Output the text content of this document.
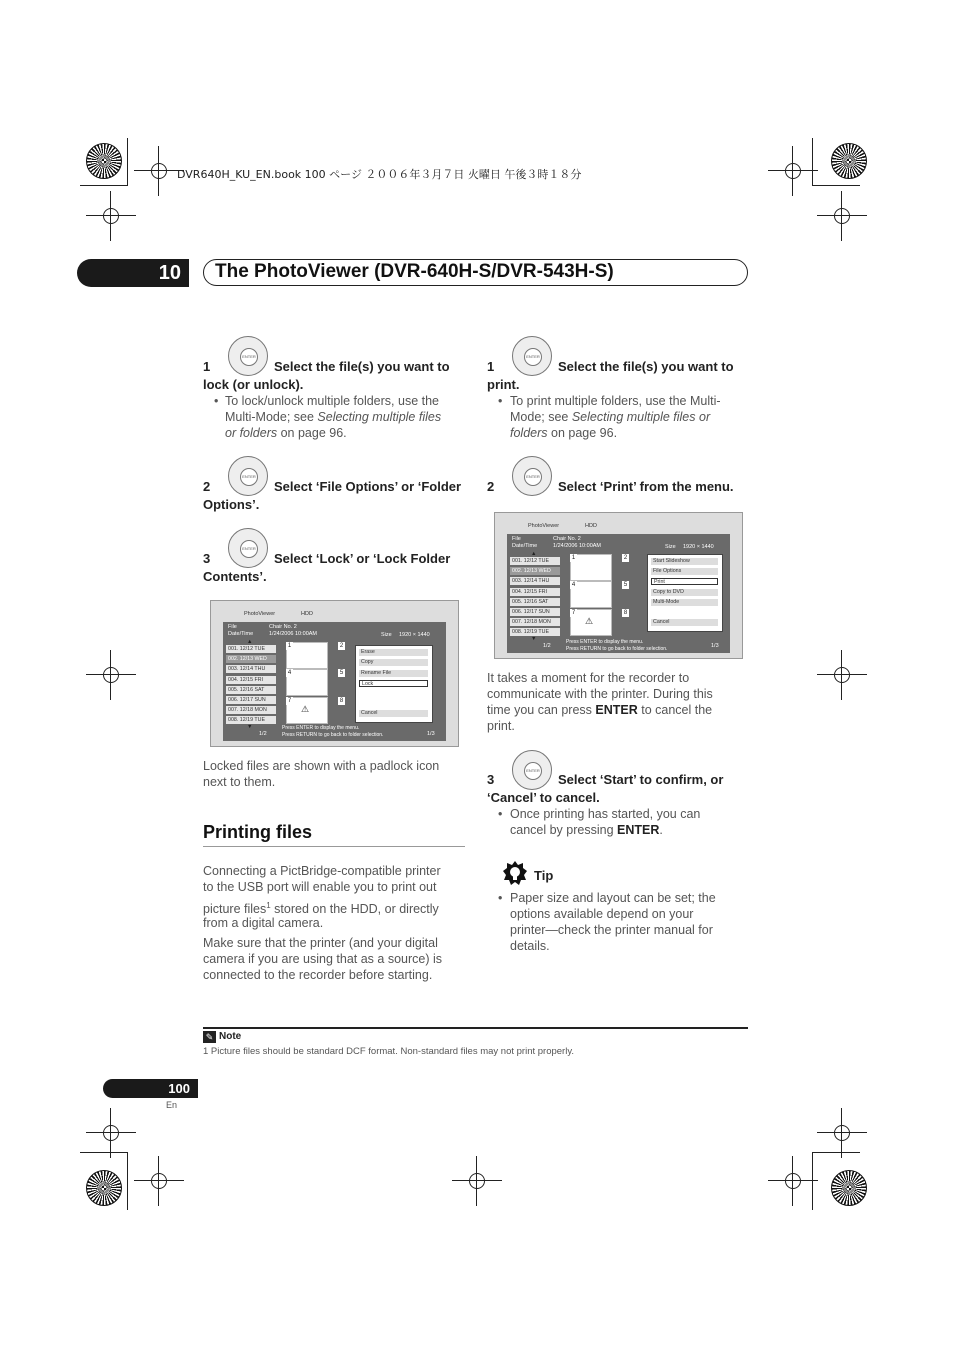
DVR640H_KU_EN.book 100 ページ ２００６年３月７日 火曜日 午後３時１８分
10	The PhotoViewer (DVR-640H-S/DVR-543H-S)
ENTER
1	Select the file(s) you want to
lock (or unlock).
• To lock/unlock multiple folders, use the
Multi-Mode; see Selecting multiple files
or folders on page 96.
ENTER
2	Select ‘File Options’ or ‘Folder
Options’.
ENTER
3	Select ‘Lock’ or ‘Lock Folder
Contents’.
PhotoViewer	HDD
File	Chair No. 2
Date/Time	1/24/2006 10:00AM	Size 1920 × 1440
▲
001. 12/12 TUE
002. 12/13 WED
003. 12/14 THU
004. 12/15 FRI
005. 12/16 SAT
006. 12/17 SUN
007. 12/18 MON
008. 12/19 TUE
▼
1/2
1
4
7
⚠
2
5
8
Erase
Copy
Rename File
Lock
Cancel
Press ENTER to display the menu.
Press RETURN to go back to folder selection.	1/3
Locked files are shown with a padlock icon
next to them.
Printing files
Connecting a PictBridge-compatible printer
to the USB port will enable you to print out
picture files$^1$ stored on the HDD, or directly
from a digital camera.
Make sure that the printer (and your digital
camera if you are using that as a source) is
connected to the recorder before starting.
ENTER
1	Select the file(s) you want to
print.
• To print multiple folders, use the Multi-
Mode; see Selecting multiple files or
folders on page 96.
ENTER
2	Select ‘Print’ from the menu.
PhotoViewer	HDD
File	Chair No. 2
Date/Time	1/24/2006 10:00AM	Size 1920 × 1440
▲
001. 12/12 TUE
002. 12/13 WED
003. 12/14 THU
004. 12/15 FRI
005. 12/16 SAT
006. 12/17 SUN
007. 12/18 MON
008. 12/19 TUE
▼
1/2
1
4
7
⚠
2
5
8
Start Slideshow
File Options
Print
Copy to DVD
Multi-Mode
Cancel
Press ENTER to display the menu.
Press RETURN to go back to folder selection.	1/3
It takes a moment for the recorder to
communicate with the printer. During this
time you can press ENTER to cancel the
print.
ENTER
3	Select ‘Start’ to confirm, or
‘Cancel’ to cancel.
• Once printing has started, you can
cancel by pressing ENTER.
Tip
• Paper size and layout can be set; the
options available depend on your
printer—check the printer manual for
details.
✎ Note
1 Picture files should be standard DCF format. Non-standard files may not print properly.
100
En
